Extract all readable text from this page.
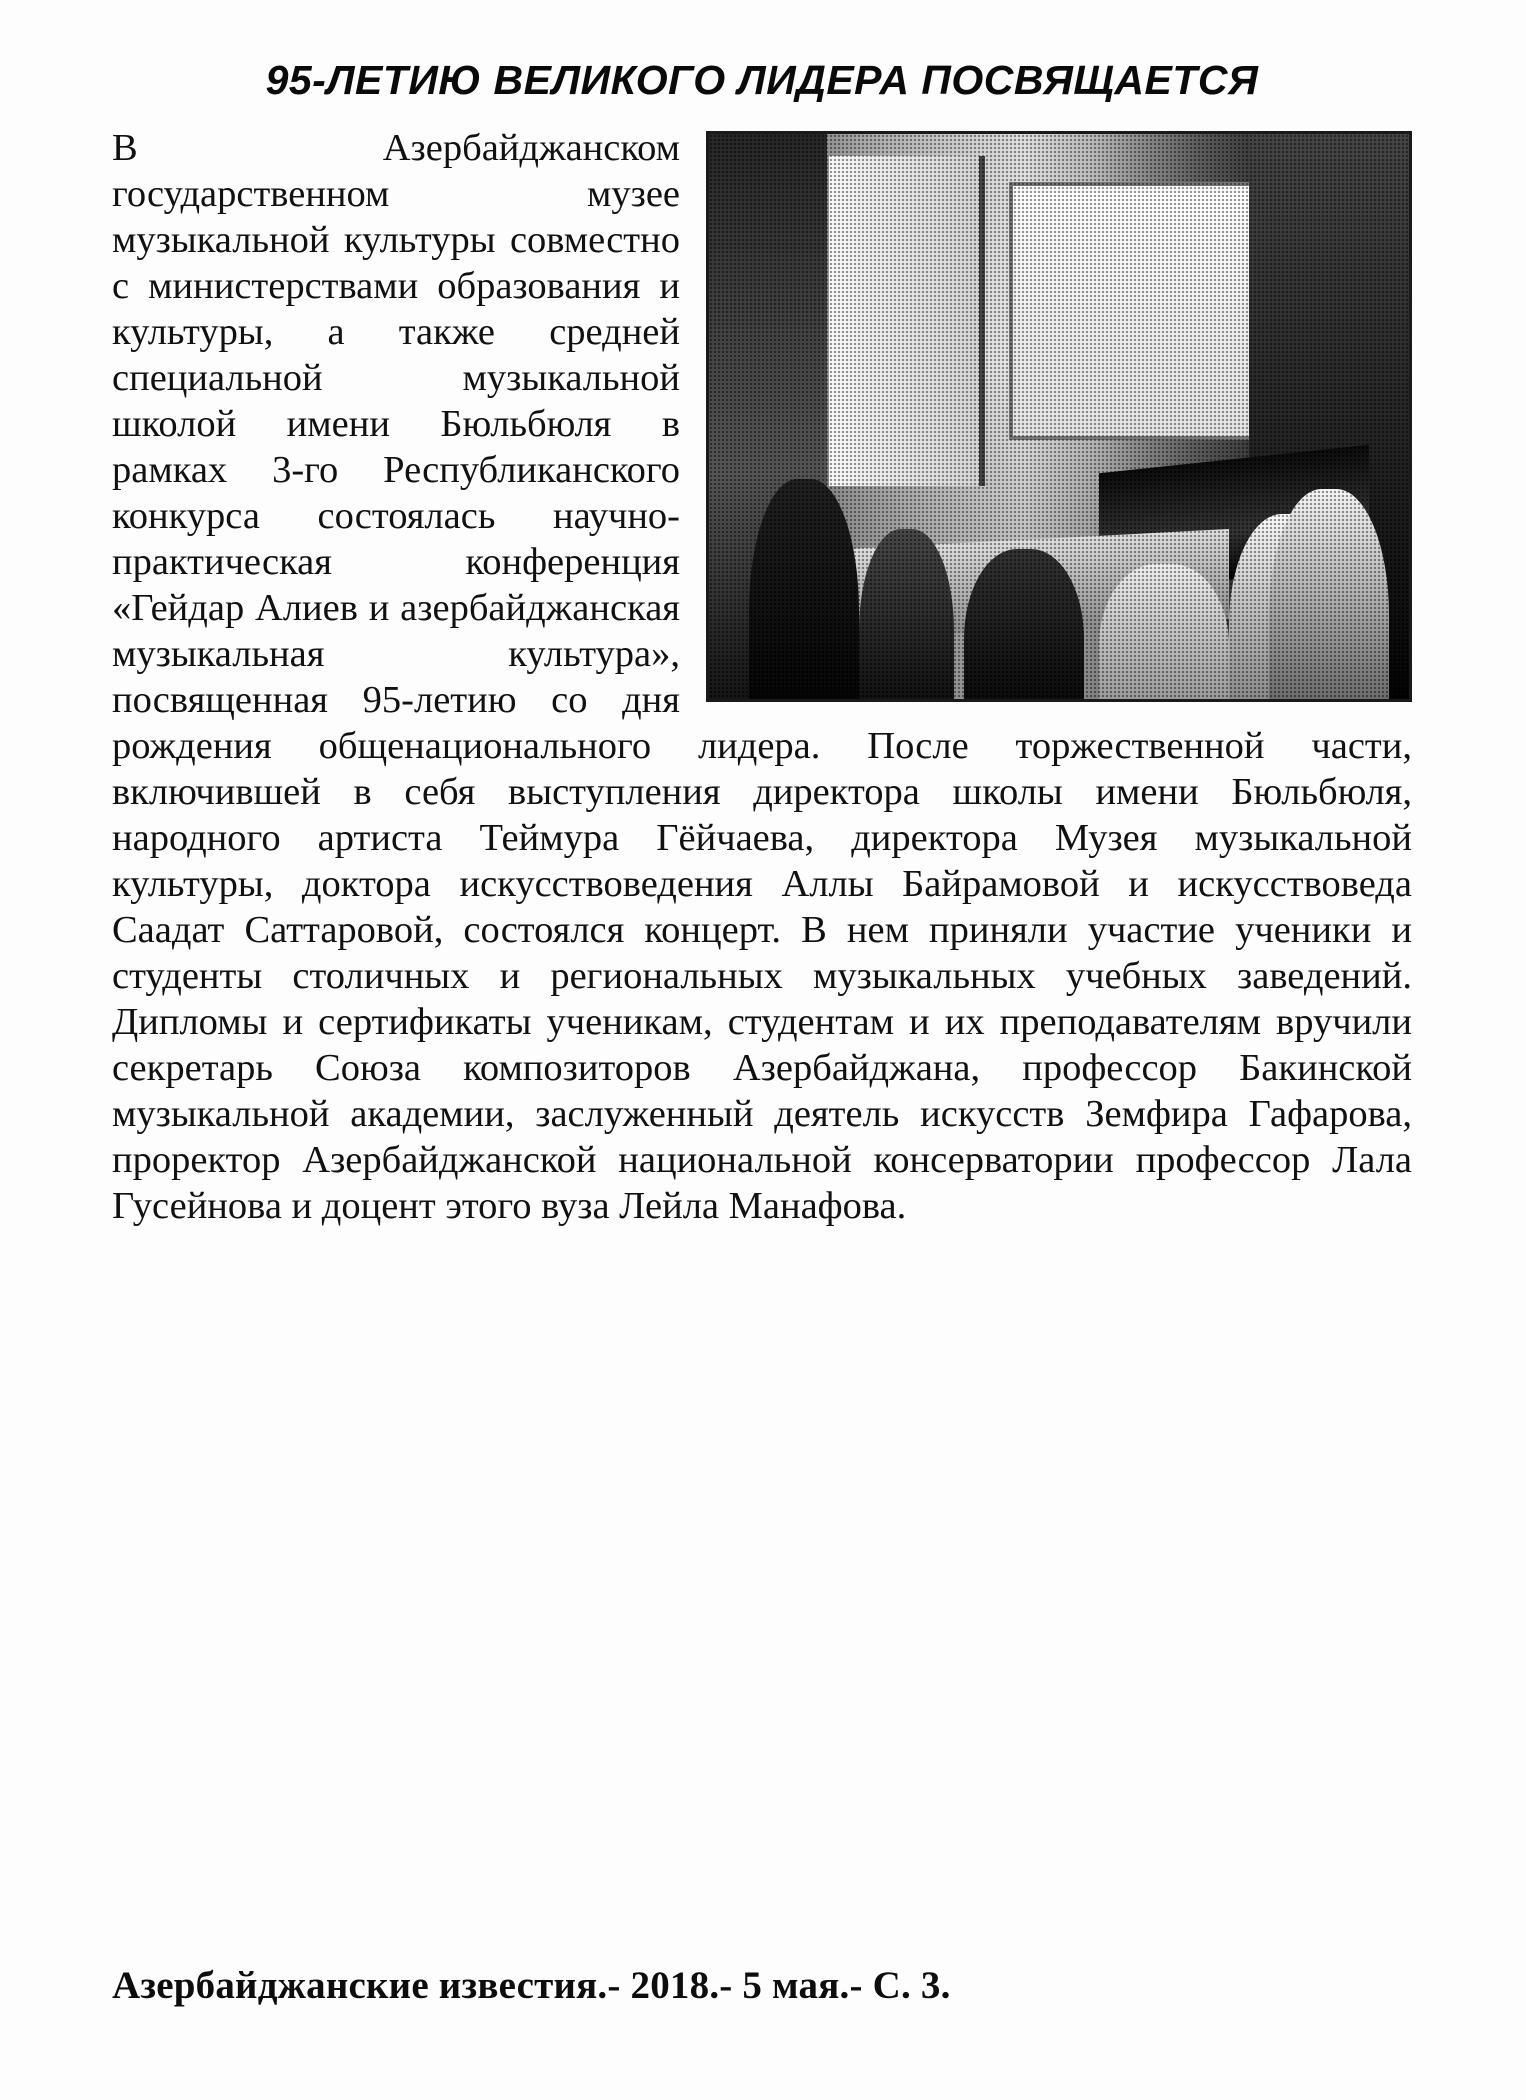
95-ЛЕТИЮ ВЕЛИКОГО ЛИДЕРА ПОСВЯЩАЕТСЯ

В Азербайджанском государственном музее музыкальной культуры совместно с министерствами образования и культуры, а также средней специальной музыкальной школой имени Бюльбюля в рамках 3-го Республиканского конкурса состоялась научно-практическая конференция «Гейдар Алиев и азербайджанская музыкальная культура», посвященная 95-летию со дня рождения общенационального лидера. После торжественной части, включившей в себя выступления директора школы имени Бюльбюля, народного артиста Теймура Гёйчаева, директора Музея музыкальной культуры, доктора искусствоведения Аллы Байрамовой и искусствоведа Саадат Саттаровой, состоялся концерт. В нем приняли участие ученики и студенты столичных и региональных музыкальных учебных заведений. Дипломы и сертификаты ученикам, студентам и их преподавателям вручили секретарь Союза композиторов Азербайджана, профессор Бакинской музыкальной академии, заслуженный деятель искусств Земфира Гафарова, проректор Азербайджанской национальной консерватории профессор Лала Гусейнова и доцент этого вуза Лейла Манафова.

Азербайджанские известия.- 2018.- 5 мая.- С. 3.
